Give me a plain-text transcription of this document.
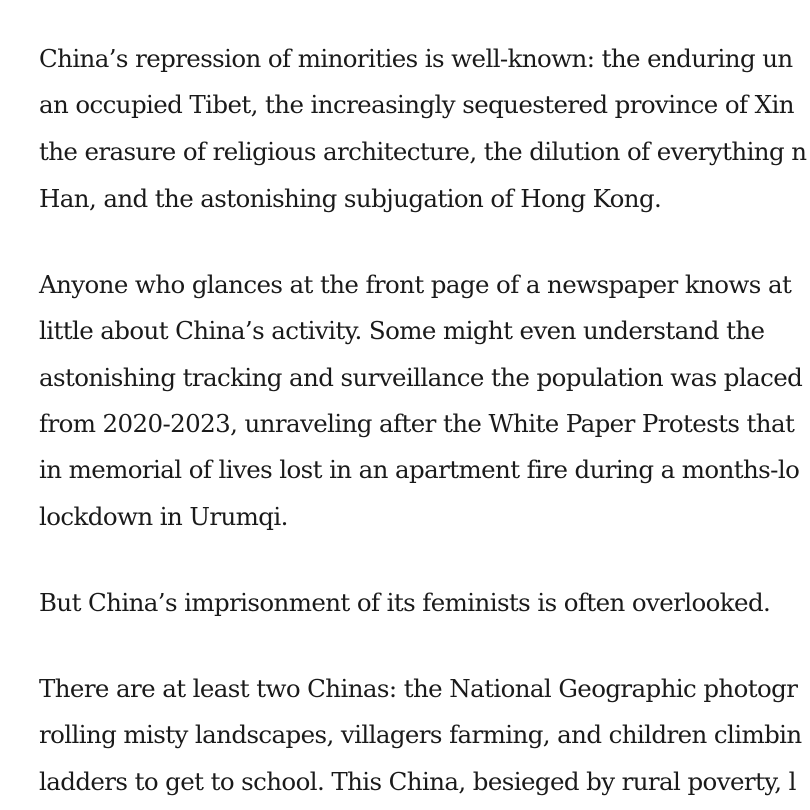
China’s repression of minorities is well-known: the enduring un
an occupied Tibet, the increasingly sequestered province of Xin
the erasure of religious architecture, the dilution of everything n
Han, and the astonishing subjugation of Hong Kong.
Anyone who glances at the front page of a newspaper knows at
little about China’s activity. Some might even understand the
astonishing tracking and surveillance the population was placed
from 2020-2023, unraveling after the White Paper Protests that
in memorial of lives lost in an apartment fire during a months-lo
lockdown in Urumqi.
But China’s imprisonment of its feminists is often overlooked.
There are at least two Chinas: the National Geographic photogr
rolling misty landscapes, villagers farming, and children climbin
ladders to get to school. This China, besieged by rural poverty, l
